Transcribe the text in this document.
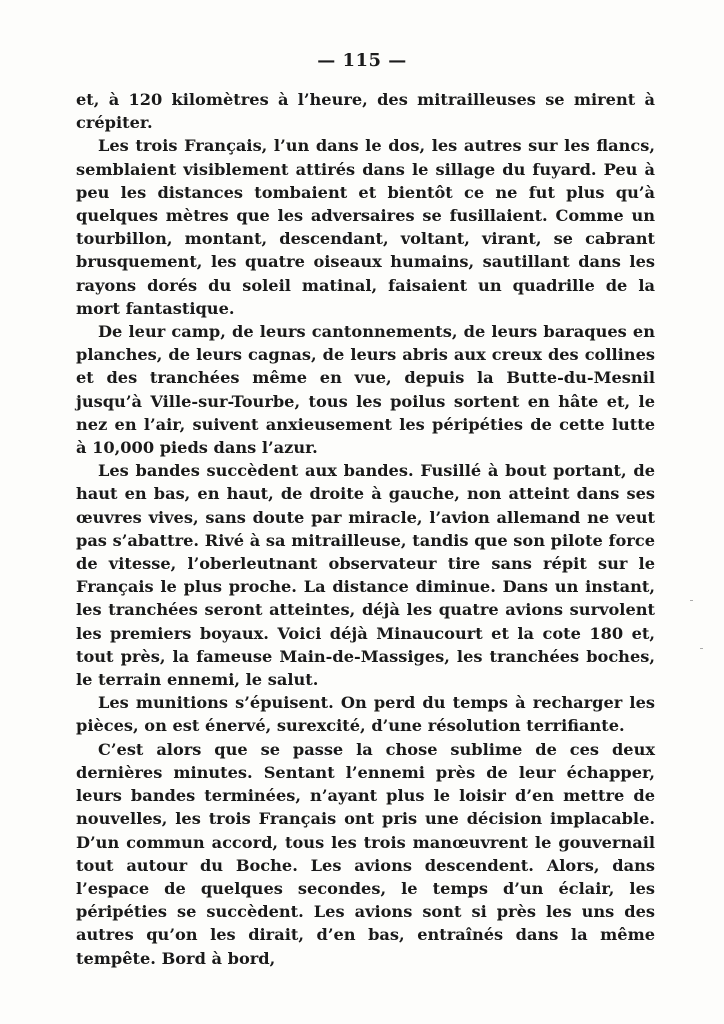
— 115 —

et, à 120 kilomètres à l’heure, des mitrailleuses se mirent à crépiter.

Les trois Français, l’un dans le dos, les autres sur les flancs, semblaient visiblement attirés dans le sillage du fuyard. Peu à peu les distances tombaient et bientôt ce ne fut plus qu’à quelques mètres que les adversaires se fusillaient. Comme un tourbillon, montant, descendant, voltant, virant, se cabrant brusquement, les quatre oiseaux humains, sautillant dans les rayons dorés du soleil matinal, faisaient un quadrille de la mort fantastique.

De leur camp, de leurs cantonnements, de leurs baraques en planches, de leurs cagnas, de leurs abris aux creux des collines et des tranchées même en vue, depuis la Butte-du-Mesnil jusqu’à Ville-sur-Tourbe, tous les poilus sortent en hâte et, le nez en l’air, suivent anxieusement les péripéties de cette lutte à 10,000 pieds dans l’azur.

Les bandes succèdent aux bandes. Fusillé à bout portant, de haut en bas, en haut, de droite à gauche, non atteint dans ses œuvres vives, sans doute par miracle, l’avion allemand ne veut pas s’abattre. Rivé à sa mitrailleuse, tandis que son pilote force de vitesse, l’oberleutnant observateur tire sans répit sur le Français le plus proche. La distance diminue. Dans un instant, les tranchées seront atteintes, déjà les quatre avions survolent les premiers boyaux. Voici déjà Minaucourt et la cote 180 et, tout près, la fameuse Main-de-Massiges, les tranchées boches, le terrain ennemi, le salut.

Les munitions s’épuisent. On perd du temps à recharger les pièces, on est énervé, surexcité, d’une résolution terrifiante.

C’est alors que se passe la chose sublime de ces deux dernières minutes. Sentant l’ennemi près de leur échapper, leurs bandes terminées, n’ayant plus le loisir d’en mettre de nouvelles, les trois Français ont pris une décision implacable. D’un commun accord, tous les trois manœuvrent le gouvernail tout autour du Boche. Les avions descendent. Alors, dans l’espace de quelques secondes, le temps d’un éclair, les péripéties se succèdent. Les avions sont si près les uns des autres qu’on les dirait, d’en bas, entraînés dans la même tempête. Bord à bord,
